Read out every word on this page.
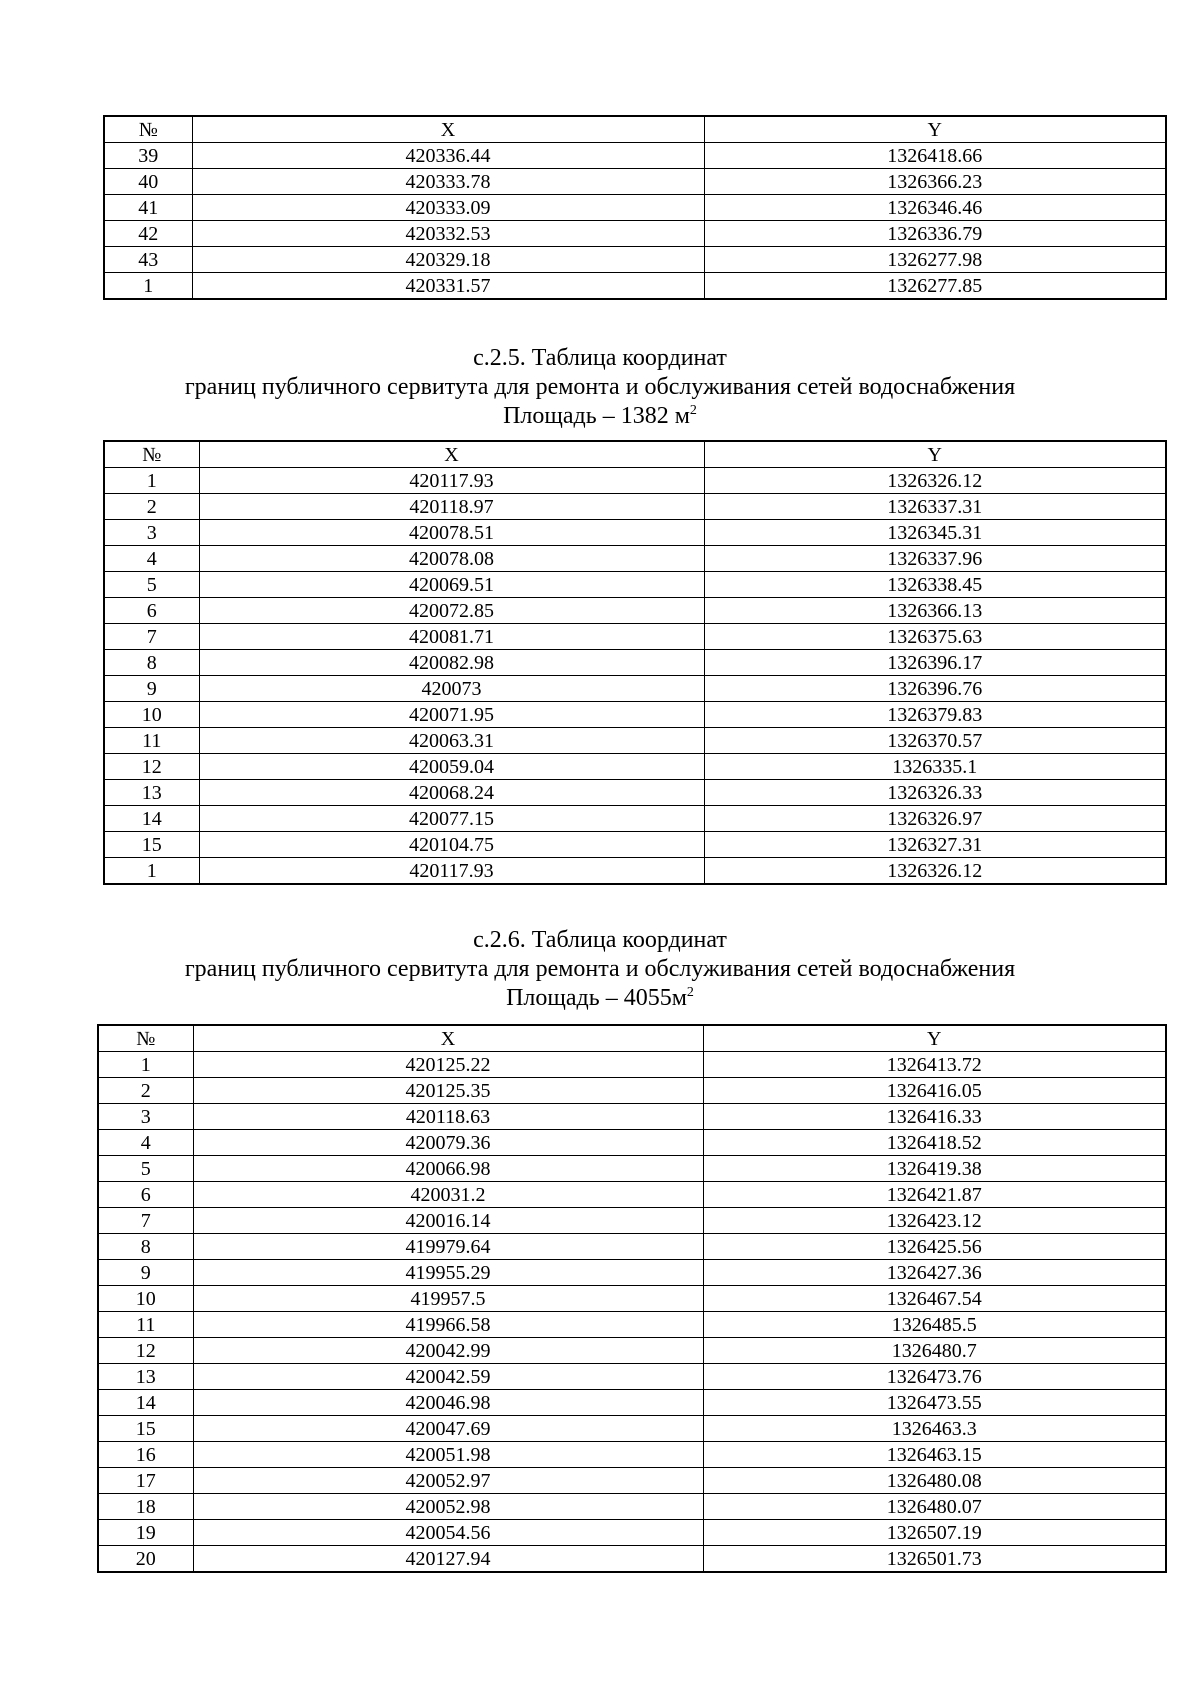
№	X	Y
39	420336.44	1326418.66
40	420333.78	1326366.23
41	420333.09	1326346.46
42	420332.53	1326336.79
43	420329.18	1326277.98
1	420331.57	1326277.85
с.2.5. Таблица координат
границ публичного сервитута для ремонта и обслуживания сетей водоснабжения
Площадь – 1382 $м^2$
№	X	Y
1	420117.93	1326326.12
2	420118.97	1326337.31
3	420078.51	1326345.31
4	420078.08	1326337.96
5	420069.51	1326338.45
6	420072.85	1326366.13
7	420081.71	1326375.63
8	420082.98	1326396.17
9	420073	1326396.76
10	420071.95	1326379.83
11	420063.31	1326370.57
12	420059.04	1326335.1
13	420068.24	1326326.33
14	420077.15	1326326.97
15	420104.75	1326327.31
1	420117.93	1326326.12
с.2.6. Таблица координат
границ публичного сервитута для ремонта и обслуживания сетей водоснабжения
Площадь – $4055м^2$
№	X	Y
1	420125.22	1326413.72
2	420125.35	1326416.05
3	420118.63	1326416.33
4	420079.36	1326418.52
5	420066.98	1326419.38
6	420031.2	1326421.87
7	420016.14	1326423.12
8	419979.64	1326425.56
9	419955.29	1326427.36
10	419957.5	1326467.54
11	419966.58	1326485.5
12	420042.99	1326480.7
13	420042.59	1326473.76
14	420046.98	1326473.55
15	420047.69	1326463.3
16	420051.98	1326463.15
17	420052.97	1326480.08
18	420052.98	1326480.07
19	420054.56	1326507.19
20	420127.94	1326501.73
